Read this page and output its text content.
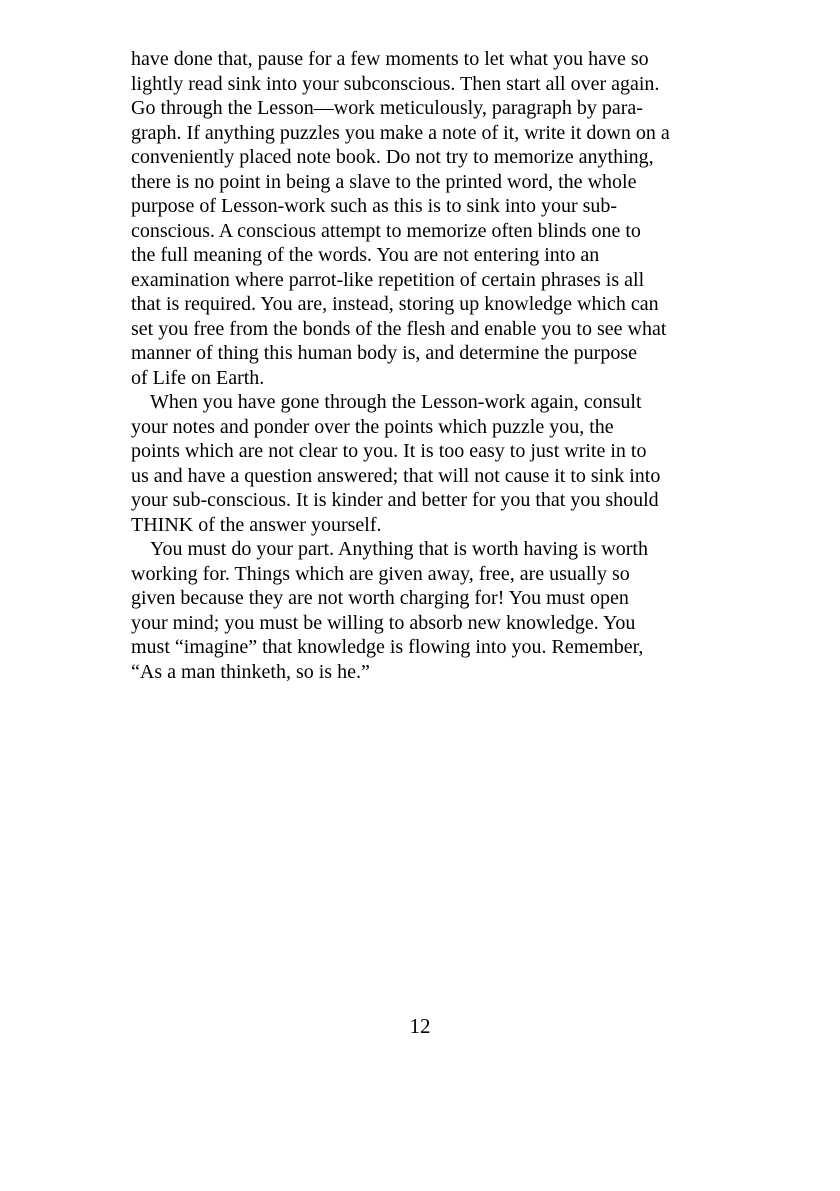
have done that, pause for a few moments to let what you have so
lightly read sink into your subconscious. Then start all over again.
Go through the Lesson—work meticulously, paragraph by para-
graph. If anything puzzles you make a note of it, write it down on a
conveniently placed note book. Do not try to memorize anything,
there is no point in being a slave to the printed word, the whole
purpose of Lesson-work such as this is to sink into your sub-
conscious. A conscious attempt to memorize often blinds one to
the full meaning of the words. You are not entering into an
examination where parrot-like repetition of certain phrases is all
that is required. You are, instead, storing up knowledge which can
set you free from the bonds of the flesh and enable you to see what
manner of thing this human body is, and determine the purpose
of Life on Earth.
When you have gone through the Lesson-work again, consult
your notes and ponder over the points which puzzle you, the
points which are not clear to you. It is too easy to just write in to
us and have a question answered; that will not cause it to sink into
your sub-conscious. It is kinder and better for you that you should
THINK of the answer yourself.
You must do your part. Anything that is worth having is worth
working for. Things which are given away, free, are usually so
given because they are not worth charging for! You must open
your mind; you must be willing to absorb new knowledge. You
must “imagine” that knowledge is flowing into you. Remember,
“As a man thinketh, so is he.”
12
